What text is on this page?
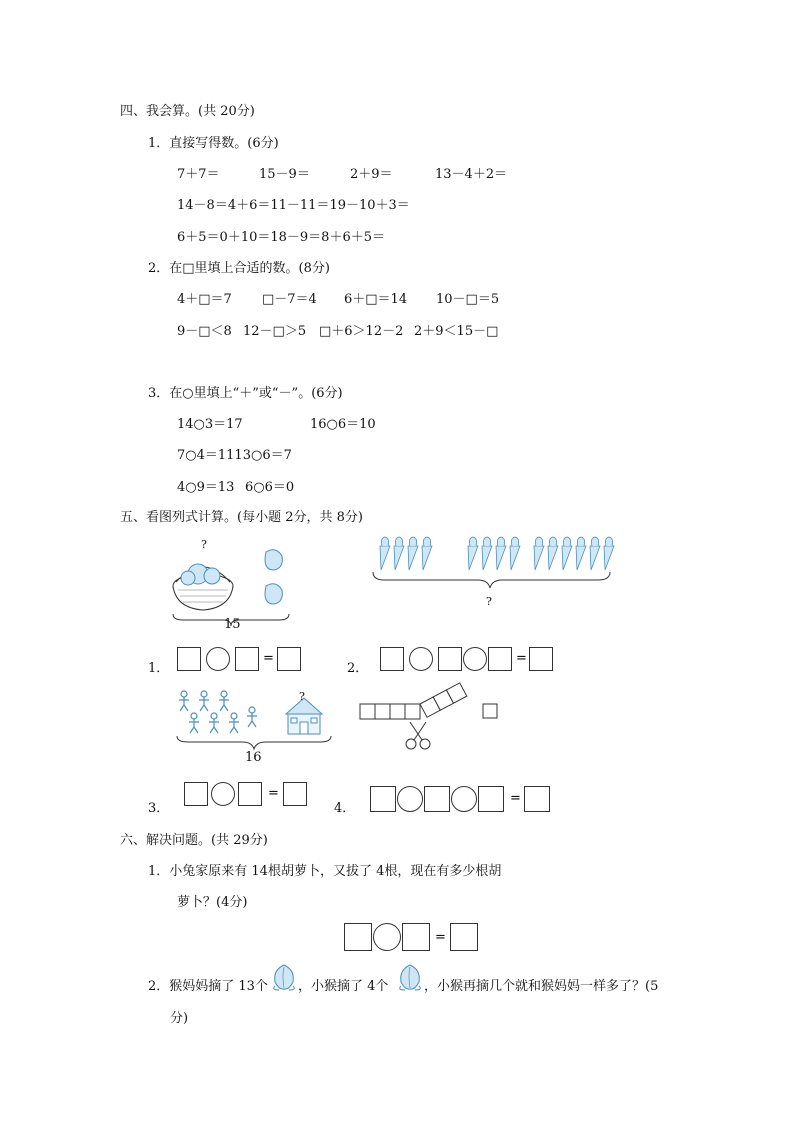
四、我会算。(共 20分)
1．直接写得数。(6分)
7＋7＝	15－9＝	2＋9＝	13－4＋2＝
14－8＝4＋6＝11－11＝19－10＋3＝
6＋5＝0＋10＝18－9＝8＋6＋5＝
2．在□里填上合适的数。(8分)
4＋□＝7 □－7＝4 6＋□＝14 10－□＝5
9－□＜8 12－□＞5 □＋6＞12－2 2＋9＜15－□
3．在○里填上“＋”或“－”。(6分)
14○3＝17	16○6＝10
7○4＝1113○6＝7
4○9＝13 6○6＝0
五、看图列式计算。(每小题 2分，共 8分)
?
15
?
1．
=
2．
=
?
16
3．
=
4．
=
六、解决问题。(共 29分)
1．小兔家原来有 14根胡萝卜，又拔了 4根，现在有多少根胡
萝卜？(4分)
=
2．猴妈妈摘了 13个 ，小猴摘了 4个	，小猴再摘几个就和猴妈妈一样多了？(5
分)
